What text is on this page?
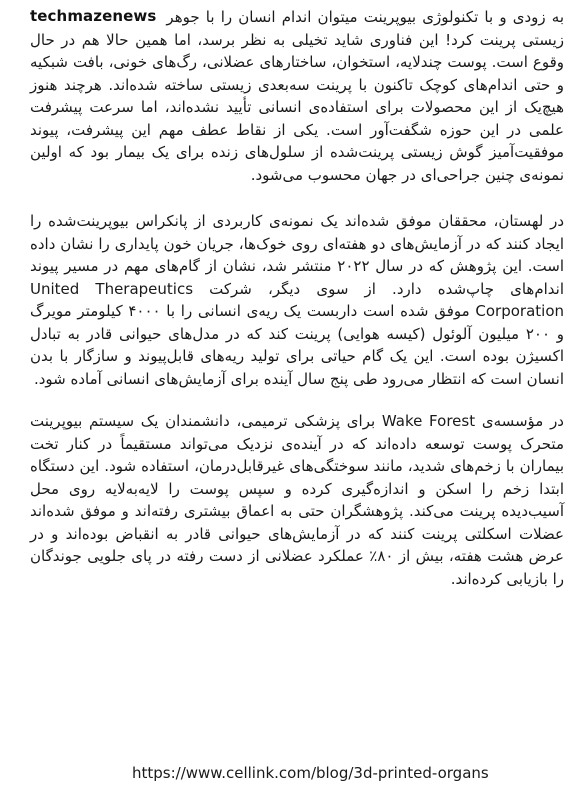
techmazenews به زودی و با تکنولوژی بیوپرینت میتوان اندام انسان را با جوهر زیستی پرینت کرد! این فناوری شاید تخیلی به نظر برسد، اما همین حالا هم در حال وقوع است. پوست چندلایه، استخوان، ساختارهای عضلانی، رگ‌های خونی، بافت شبکیه و حتی اندام‌های کوچک تاکنون با پرینت سه‌بعدی زیستی ساخته شده‌اند. هرچند هنوز هیچ‌یک از این محصولات برای استفاده‌ی انسانی تأیید نشده‌اند، اما سرعت پیشرفت علمی در این حوزه شگفت‌آور است. یکی از نقاط عطف مهم این پیشرفت، پیوند موفقیت‌آمیز گوش زیستی پرینت‌شده از سلول‌های زنده برای یک بیمار بود که اولین نمونه‌ی چنین جراحی‌ای در جهان محسوب می‌شود.

در لهستان، محققان موفق شده‌اند یک نمونه‌ی کاربردی از پانکراس بیوپرینت‌شده را ایجاد کنند که در آزمایش‌های دو هفته‌ای روی خوک‌ها، جریان خون پایداری را نشان داده است. این پژوهش که در سال ۲۰۲۲ منتشر شد، نشان از گام‌های مهم در مسیر پیوند اندام‌های چاپ‌شده دارد. از سوی دیگر، شرکت United Therapeutics Corporation موفق شده است داربست یک ریه‌ی انسانی را با ۴۰۰۰ کیلومتر مویرگ و ۲۰۰ میلیون آلوئول (کیسه هوایی) پرینت کند که در مدل‌های حیوانی قادر به تبادل اکسیژن بوده است. این یک گام حیاتی برای تولید ریه‌های قابل‌پیوند و سازگار با بدن انسان است که انتظار می‌رود طی پنج سال آینده برای آزمایش‌های انسانی آماده شود.

در مؤسسه‌ی Wake Forest برای پزشکی ترمیمی، دانشمندان یک سیستم بیوپرینت متحرک پوست توسعه داده‌اند که در آینده‌ی نزدیک می‌تواند مستقیماً در کنار تخت بیماران با زخم‌های شدید، مانند سوختگی‌های غیرقابل‌درمان، استفاده شود. این دستگاه ابتدا زخم را اسکن و اندازه‌گیری کرده و سپس پوست را لایه‌به‌لایه روی محل آسیب‌دیده پرینت می‌کند. پژوهشگران حتی به اعماق بیشتری رفته‌اند و موفق شده‌اند عضلات اسکلتی پرینت کنند که در آزمایش‌های حیوانی قادر به انقباض بوده‌اند و در عرض هشت هفته، بیش از ۸۰٪ عملکرد عضلانی از دست رفته در پای جلویی جوندگان را بازیابی کرده‌اند.

https://www.cellink.com/blog/3d-printed-organs
